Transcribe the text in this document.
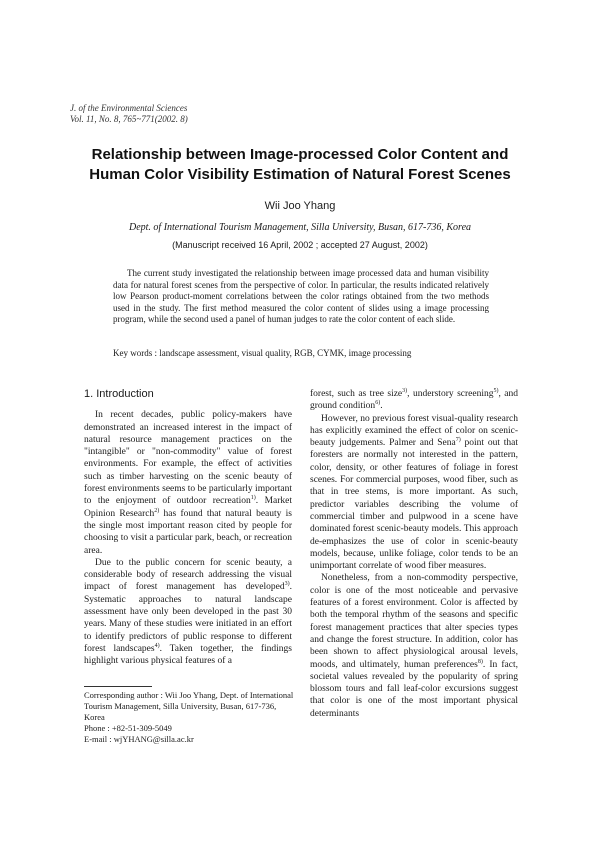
J. of the Environmental Sciences
Vol. 11, No. 8, 765~771(2002. 8)
Relationship between Image-processed Color Content and
Human Color Visibility Estimation of Natural Forest Scenes
Wii Joo Yhang
Dept. of International Tourism Management, Silla University, Busan, 617-736, Korea
(Manuscript received 16 April, 2002 ; accepted 27 August, 2002)
The current study investigated the relationship between image processed data and human visibility data for natural forest scenes from the perspective of color. In particular, the results indicated relatively low Pearson product-moment correlations between the color ratings obtained from the two methods used in the study. The first method measured the color content of slides using a image processing program, while the second used a panel of human judges to rate the color content of each slide.
Key words : landscape assessment, visual quality, RGB, CYMK, image processing
1. Introduction

In recent decades, public policy-makers have demonstrated an increased interest in the impact of natural resource management practices on the "intangible" or "non-commodity" value of forest environments. For example, the effect of activities such as timber harvesting on the scenic beauty of forest environments seems to be particularly important to the enjoyment of outdoor recreation$^{1)}$. Market Opinion Research$^{2)}$ has found that natural beauty is the single most important reason cited by people for choosing to visit a particular park, beach, or recreation area.

Due to the public concern for scenic beauty, a considerable body of research addressing the visual impact of forest management has developed$^{3)}$. Systematic approaches to natural landscape assessment have only been developed in the past 30 years. Many of these studies were initiated in an effort to identify predictors of public response to different forest landscapes$^{4)}$. Taken together, the findings highlight various physical features of a

forest, such as tree size$^{3)}$, understory screening$^{5)}$, and ground condition$^{6)}$.

However, no previous forest visual-quality research has explicitly examined the effect of color on scenic-beauty judgements. Palmer and Sena$^{7)}$ point out that foresters are normally not interested in the pattern, color, density, or other features of foliage in forest scenes. For commercial purposes, wood fiber, such as that in tree stems, is more important. As such, predictor variables describing the volume of commercial timber and pulpwood in a scene have dominated forest scenic-beauty models. This approach de-emphasizes the use of color in scenic-beauty models, because, unlike foliage, color tends to be an unimportant correlate of wood fiber measures.

Nonetheless, from a non-commodity perspective, color is one of the most noticeable and pervasive features of a forest environment. Color is affected by both the temporal rhythm of the seasons and specific forest management practices that alter species types and change the forest structure. In addition, color has been shown to affect physiological arousal levels, moods, and ultimately, human preferences$^{8)}$. In fact, societal values revealed by the popularity of spring blossom tours and fall leaf-color excursions suggest that color is one of the most important physical determinants

Corresponding author : Wii Joo Yhang, Dept. of International Tourism Management, Silla University, Busan, 617-736, Korea
Phone : +82-51-309-5049
E-mail : wjYHANG@silla.ac.kr
